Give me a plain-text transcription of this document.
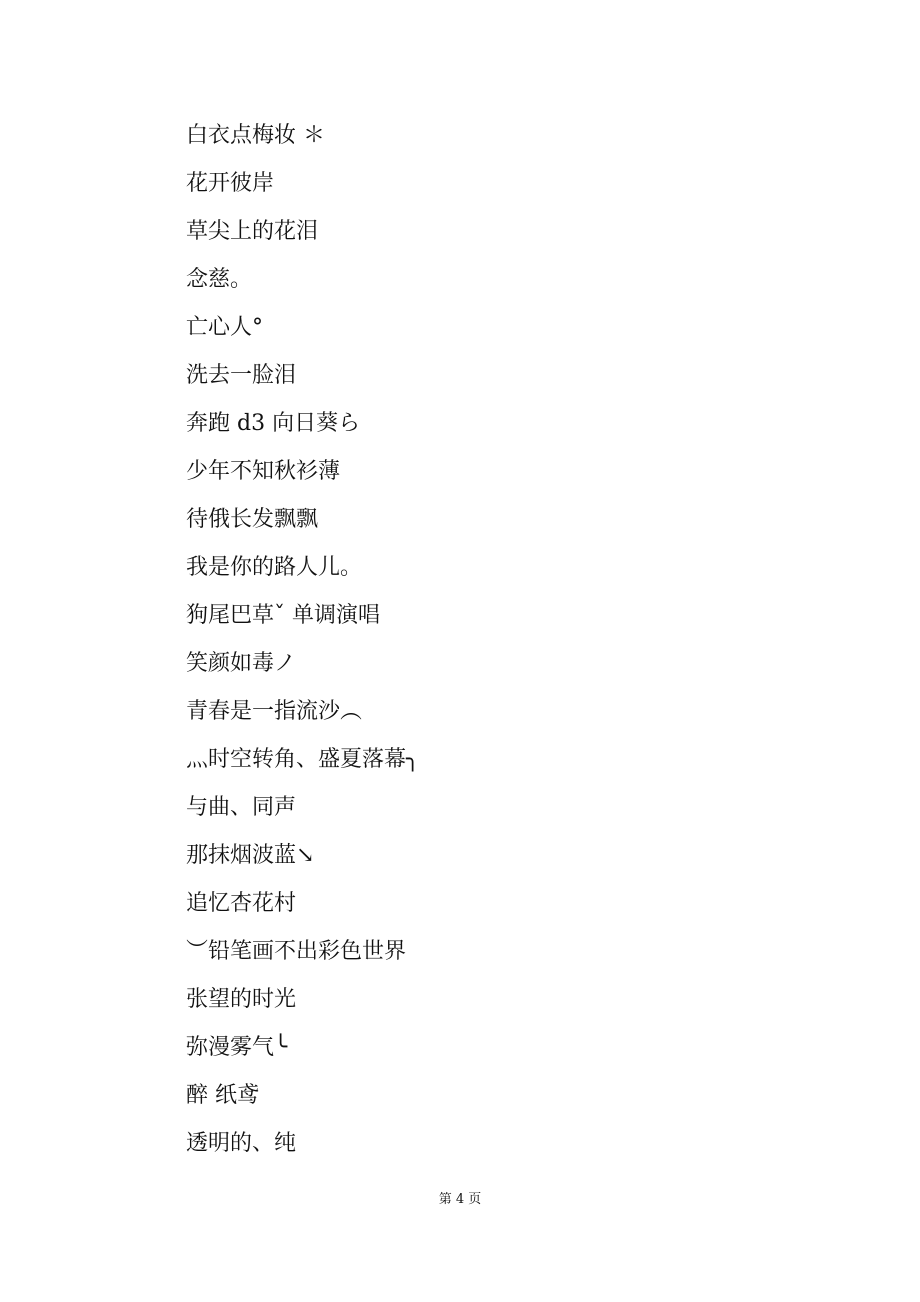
白衣点梅妆 ＊
花开彼岸
草尖上的花泪
念慈。
亡心人°
洗去一脸泪
奔跑 d3 向日葵ら
少年不知秋衫薄
待俄长发飘飘
我是你的路人儿。
狗尾巴草ˇ 单调演唱
笑颜如毒ノ
青春是一指流沙︵
灬时空转角、盛夏落幕╮
与曲、同声
那抹烟波蓝↘
追忆杏花村
︶铅笔画不出彩色世界
张望的时光
弥漫雾气╰
醉 纸鸢
透明的、纯
第 4 页
